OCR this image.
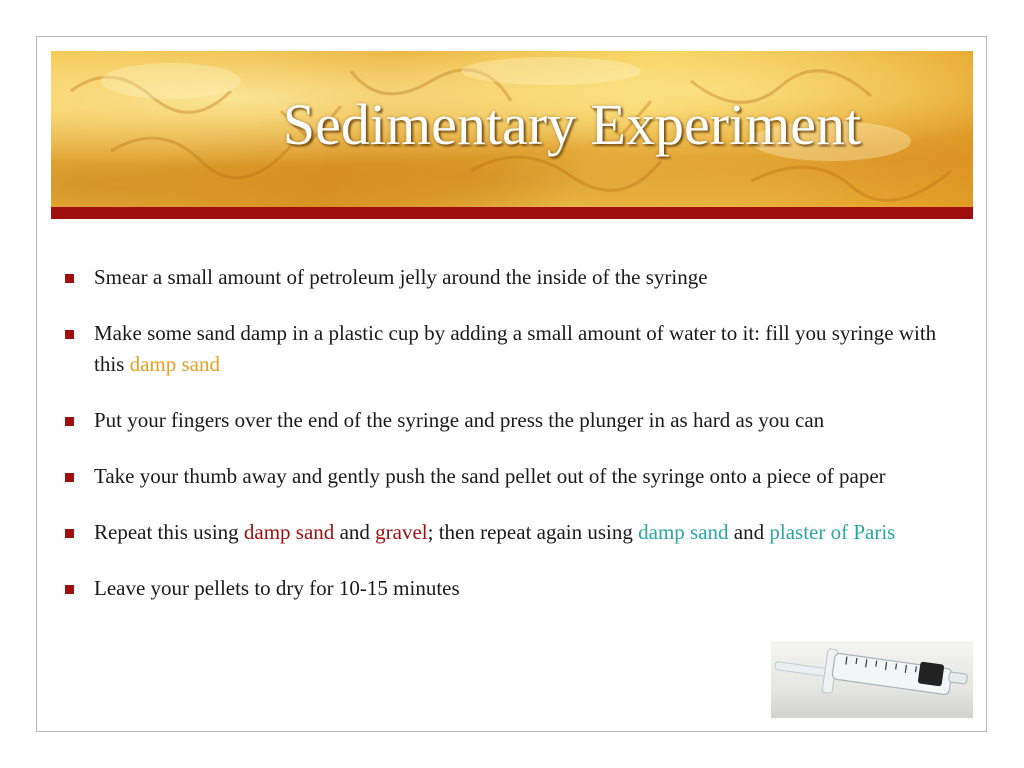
Sedimentary Experiment
Smear a small amount of petroleum jelly around the inside of the syringe
Make some sand damp in a plastic cup by adding a small amount of water to it: fill you syringe with this damp sand
Put your fingers over the end of the syringe and press the plunger in as hard as you can
Take your thumb away and gently push the sand pellet out of the syringe onto a piece of paper
Repeat this using damp sand and gravel; then repeat again using damp sand and plaster of Paris
Leave your pellets to dry for 10-15 minutes
